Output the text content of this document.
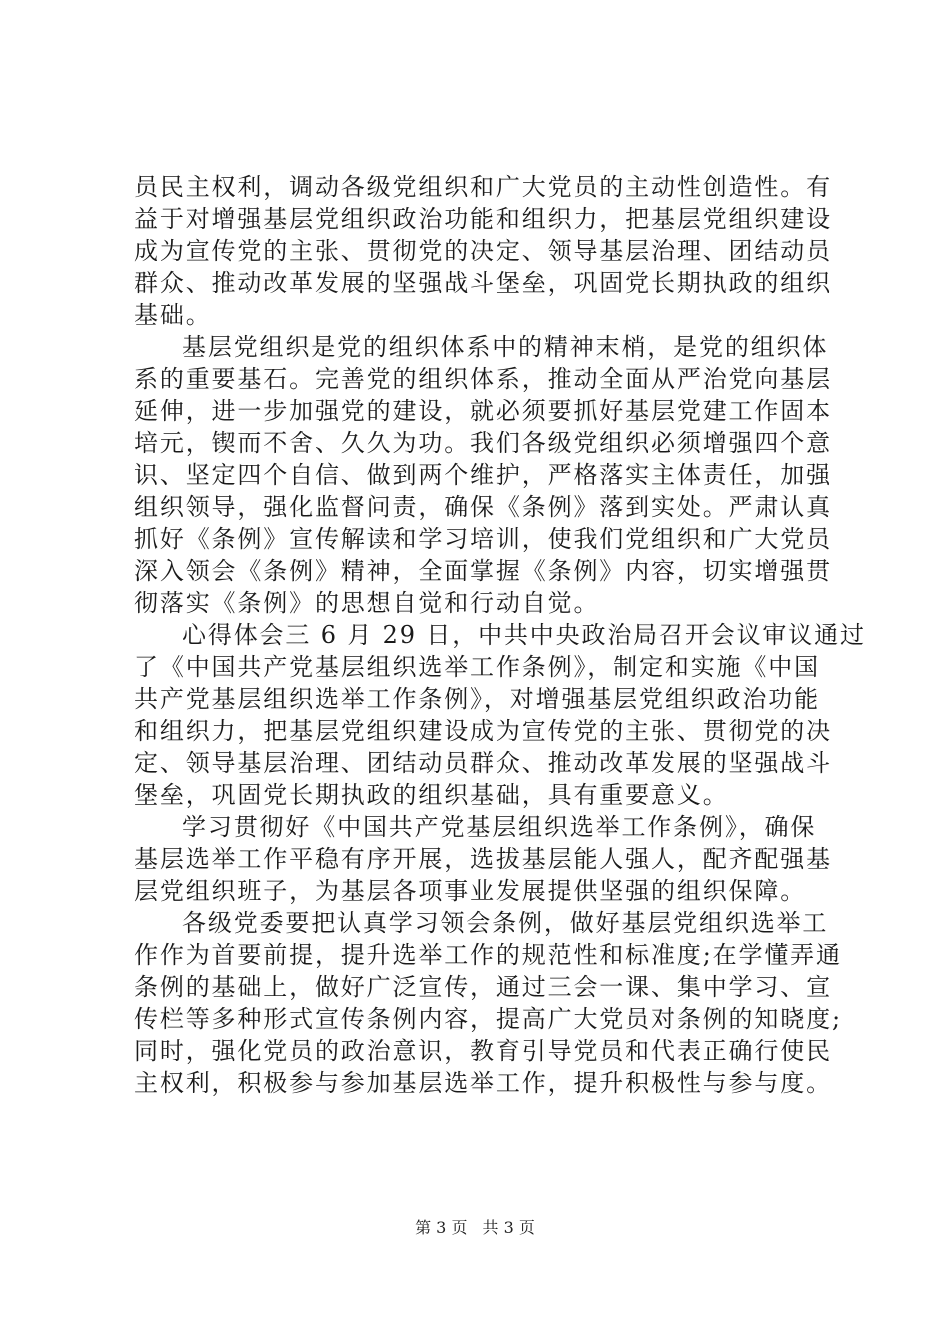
员民主权利，调动各级党组织和广大党员的主动性创造性。有
益于对增强基层党组织政治功能和组织力，把基层党组织建设
成为宣传党的主张、贯彻党的决定、领导基层治理、团结动员
群众、推动改革发展的坚强战斗堡垒，巩固党长期执政的组织
基础。
基层党组织是党的组织体系中的精神末梢，是党的组织体
系的重要基石。完善党的组织体系，推动全面从严治党向基层
延伸，进一步加强党的建设，就必须要抓好基层党建工作固本
培元，锲而不舍、久久为功。我们各级党组织必须增强四个意
识、坚定四个自信、做到两个维护，严格落实主体责任，加强
组织领导，强化监督问责，确保《条例》落到实处。严肃认真
抓好《条例》宣传解读和学习培训，使我们党组织和广大党员
深入领会《条例》精神，全面掌握《条例》内容，切实增强贯
彻落实《条例》的思想自觉和行动自觉。
心得体会三 6 月 29 日，中共中央政治局召开会议审议通过
了《中国共产党基层组织选举工作条例》，制定和实施《中国
共产党基层组织选举工作条例》，对增强基层党组织政治功能
和组织力，把基层党组织建设成为宣传党的主张、贯彻党的决
定、领导基层治理、团结动员群众、推动改革发展的坚强战斗
堡垒，巩固党长期执政的组织基础，具有重要意义。
学习贯彻好《中国共产党基层组织选举工作条例》，确保
基层选举工作平稳有序开展，选拔基层能人强人，配齐配强基
层党组织班子，为基层各项事业发展提供坚强的组织保障。
各级党委要把认真学习领会条例，做好基层党组织选举工
作作为首要前提，提升选举工作的规范性和标准度;在学懂弄通
条例的基础上，做好广泛宣传，通过三会一课、集中学习、宣
传栏等多种形式宣传条例内容，提高广大党员对条例的知晓度;
同时，强化党员的政治意识，教育引导党员和代表正确行使民
主权利，积极参与参加基层选举工作，提升积极性与参与度。
第 3 页 共 3 页
